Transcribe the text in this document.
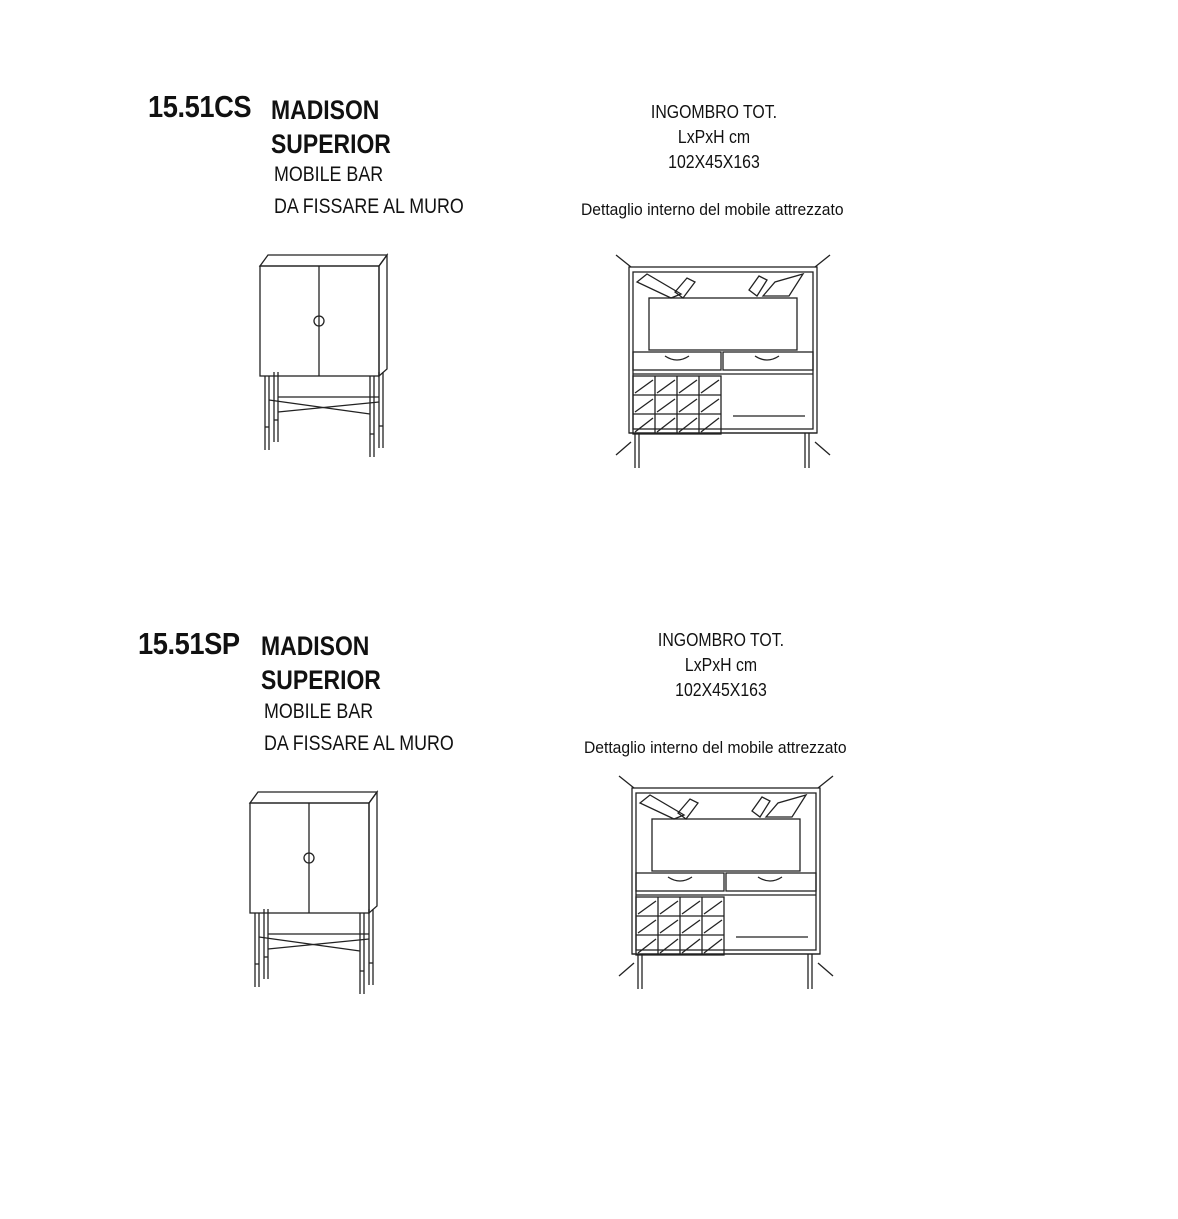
15.51CS MADISON
SUPERIOR
MOBILE BAR
DA FISSARE AL MURO
INGOMBRO TOT.
LxPxH cm
102X45X163
Dettaglio interno del mobile attrezzato
15.51SP MADISON
SUPERIOR
MOBILE BAR
DA FISSARE AL MURO
INGOMBRO TOT.
LxPxH cm
102X45X163
Dettaglio interno del mobile attrezzato
